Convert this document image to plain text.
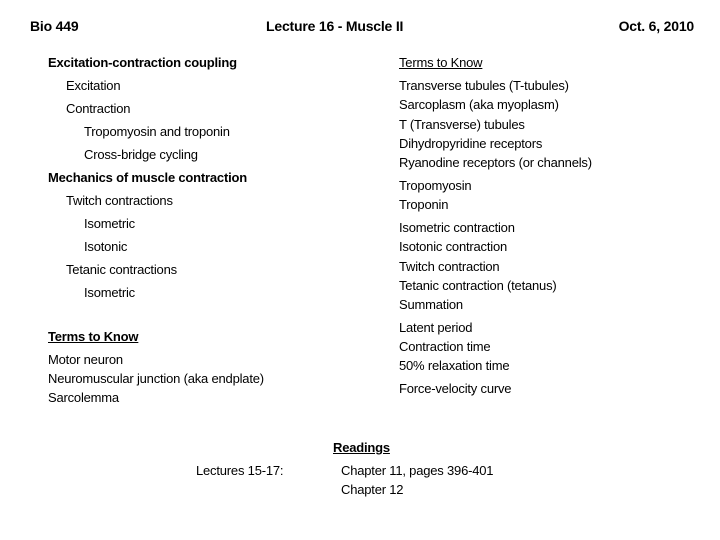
Bio 449	Lecture 16 - Muscle II	Oct. 6, 2010
Excitation-contraction coupling
Excitation
Contraction
Tropomyosin and troponin
Cross-bridge cycling
Mechanics of muscle contraction
Twitch contractions
Isometric
Isotonic
Tetanic contractions
Isometric
Terms to Know
Motor neuron
Neuromuscular junction (aka endplate)
Sarcolemma
Terms to Know
Transverse tubules (T-tubules)
Sarcoplasm (aka myoplasm)
T (Transverse) tubules
Dihydropyridine receptors
Ryanodine receptors (or channels)
Tropomyosin
Troponin
Isometric contraction
Isotonic contraction
Twitch contraction
Tetanic contraction (tetanus)
Summation
Latent period
Contraction time
50% relaxation time
Force-velocity curve
Readings
Lectures 15-17:	Chapter 11, pages 396-401
Chapter 12
